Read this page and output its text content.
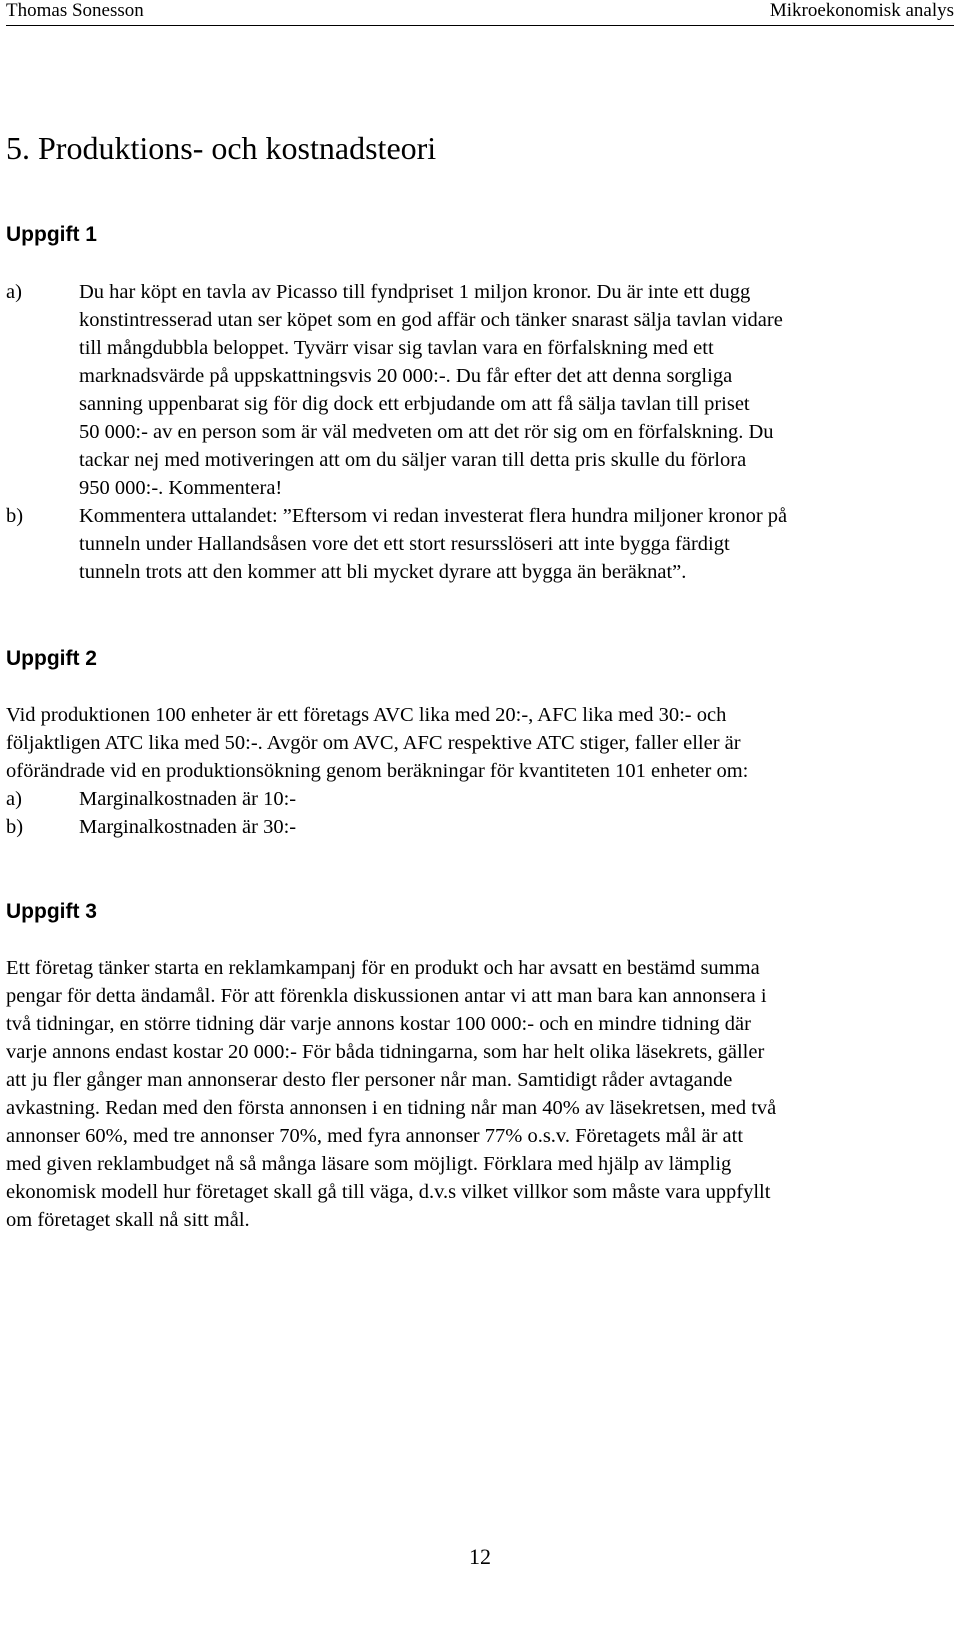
Thomas Sonesson	Mikroekonomisk analys
5. Produktions- och kostnadsteori
Uppgift 1
a)	Du har köpt en tavla av Picasso till fyndpriset 1 miljon kronor. Du är inte ett dugg
konstintresserad utan ser köpet som en god affär och tänker snarast sälja tavlan vidare
till mångdubbla beloppet. Tyvärr visar sig tavlan vara en förfalskning med ett
marknadsvärde på uppskattningsvis 20 000:-. Du får efter det att denna sorgliga
sanning uppenbarat sig för dig dock ett erbjudande om att få sälja tavlan till priset
50 000:- av en person som är väl medveten om att det rör sig om en förfalskning. Du
tackar nej med motiveringen att om du säljer varan till detta pris skulle du förlora
950 000:-. Kommentera!
b)	Kommentera uttalandet: ”Eftersom vi redan investerat flera hundra miljoner kronor på
tunneln under Hallandsåsen vore det ett stort resursslöseri att inte bygga färdigt
tunneln trots att den kommer att bli mycket dyrare att bygga än beräknat”.
Uppgift 2
Vid produktionen 100 enheter är ett företags AVC lika med 20:-, AFC lika med 30:- och
följaktligen ATC lika med 50:-. Avgör om AVC, AFC respektive ATC stiger, faller eller är
oförändrade vid en produktionsökning genom beräkningar för kvantiteten 101 enheter om:
a)	Marginalkostnaden är 10:-
b)	Marginalkostnaden är 30:-
Uppgift 3
Ett företag tänker starta en reklamkampanj för en produkt och har avsatt en bestämd summa
pengar för detta ändamål. För att förenkla diskussionen antar vi att man bara kan annonsera i
två tidningar, en större tidning där varje annons kostar 100 000:- och en mindre tidning där
varje annons endast kostar 20 000:- För båda tidningarna, som har helt olika läsekrets, gäller
att ju fler gånger man annonserar desto fler personer når man. Samtidigt råder avtagande
avkastning. Redan med den första annonsen i en tidning når man 40% av läsekretsen, med två
annonser 60%, med tre annonser 70%, med fyra annonser 77% o.s.v. Företagets mål är att
med given reklambudget nå så många läsare som möjligt. Förklara med hjälp av lämplig
ekonomisk modell hur företaget skall gå till väga, d.v.s vilket villkor som måste vara uppfyllt
om företaget skall nå sitt mål.
12
